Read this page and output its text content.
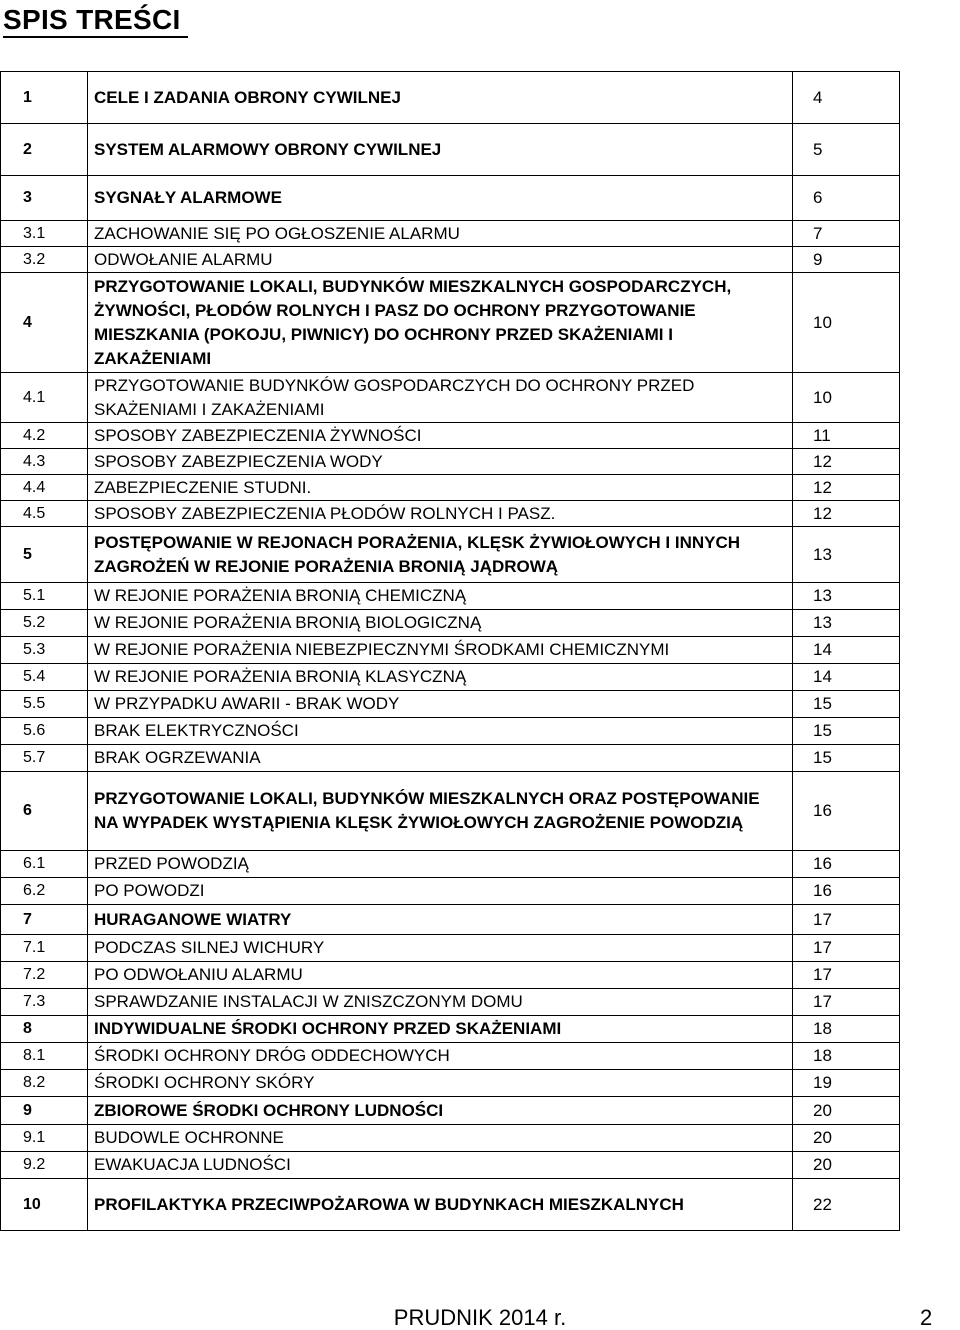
SPIS TREŚCI
1	CELE I ZADANIA OBRONY CYWILNEJ	4
2	SYSTEM ALARMOWY OBRONY CYWILNEJ	5
3	SYGNAŁY ALARMOWE	6
3.1	ZACHOWANIE SIĘ PO OGŁOSZENIE ALARMU	7
3.2	ODWOŁANIE ALARMU	9
4	PRZYGOTOWANIE LOKALI, BUDYNKÓW MIESZKALNYCH GOSPODARCZYCH, ŻYWNOŚCI, PŁODÓW ROLNYCH I PASZ DO OCHRONY PRZYGOTOWANIE MIESZKANIA (POKOJU, PIWNICY) DO OCHRONY PRZED SKAŻENIAMI I ZAKAŻENIAMI	10
4.1	PRZYGOTOWANIE BUDYNKÓW GOSPODARCZYCH DO OCHRONY PRZED SKAŻENIAMI I ZAKAŻENIAMI	10
4.2	SPOSOBY ZABEZPIECZENIA ŻYWNOŚCI	11
4.3	SPOSOBY ZABEZPIECZENIA WODY	12
4.4	ZABEZPIECZENIE STUDNI.	12
4.5	SPOSOBY ZABEZPIECZENIA PŁODÓW ROLNYCH I PASZ.	12
5	POSTĘPOWANIE W REJONACH PORAŻENIA, KLĘSK ŻYWIOŁOWYCH I INNYCH ZAGROŻEŃ W REJONIE PORAŻENIA BRONIĄ JĄDROWĄ	13
5.1	W REJONIE PORAŻENIA BRONIĄ CHEMICZNĄ	13
5.2	W REJONIE PORAŻENIA BRONIĄ BIOLOGICZNĄ	13
5.3	W REJONIE PORAŻENIA NIEBEZPIECZNYMI ŚRODKAMI CHEMICZNYMI	14
5.4	W REJONIE PORAŻENIA BRONIĄ KLASYCZNĄ	14
5.5	W PRZYPADKU AWARII - BRAK WODY	15
5.6	BRAK ELEKTRYCZNOŚCI	15
5.7	BRAK OGRZEWANIA	15
6	PRZYGOTOWANIE LOKALI, BUDYNKÓW MIESZKALNYCH ORAZ POSTĘPOWANIE NA WYPADEK WYSTĄPIENIA KLĘSK ŻYWIOŁOWYCH ZAGROŻENIE POWODZIĄ	16
6.1	PRZED POWODZIĄ	16
6.2	PO POWODZI	16
7	HURAGANOWE WIATRY	17
7.1	PODCZAS SILNEJ WICHURY	17
7.2	PO ODWOŁANIU ALARMU	17
7.3	SPRAWDZANIE INSTALACJI W ZNISZCZONYM DOMU	17
8	INDYWIDUALNE ŚRODKI OCHRONY PRZED SKAŻENIAMI	18
8.1	ŚRODKI OCHRONY DRÓG ODDECHOWYCH	18
8.2	ŚRODKI OCHRONY SKÓRY	19
9	ZBIOROWE ŚRODKI OCHRONY LUDNOŚCI	20
9.1	BUDOWLE OCHRONNE	20
9.2	EWAKUACJA LUDNOŚCI	20
10	PROFILAKTYKA PRZECIWPOŻAROWA W BUDYNKACH MIESZKALNYCH	22
PRUDNIK 2014 r.	2
